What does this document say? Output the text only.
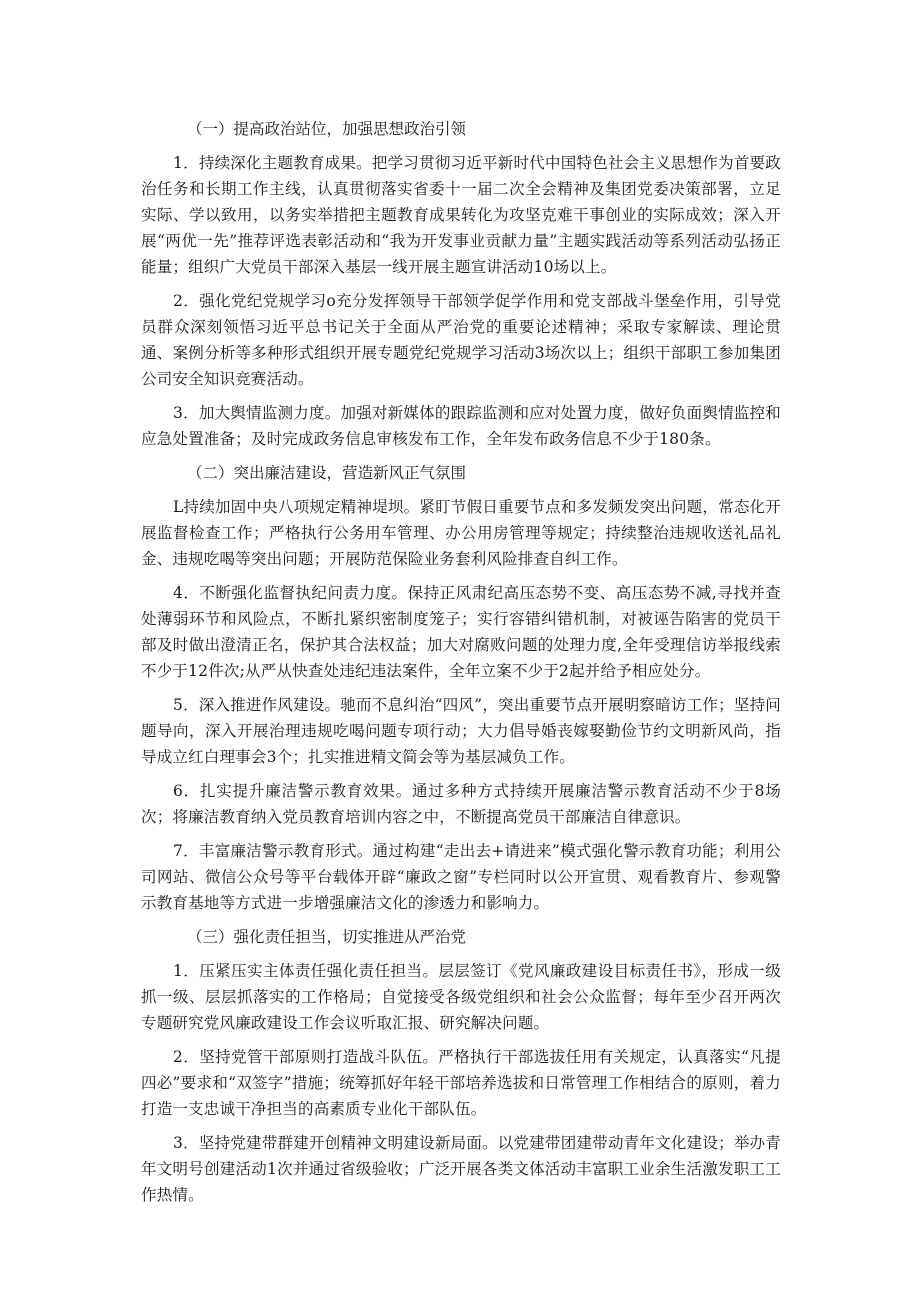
（一）提高政治站位，加强思想政治引领

1．持续深化主题教育成果。把学习贯彻习近平新时代中国特色社会主义思想作为首要政治任务和长期工作主线，认真贯彻落实省委十一届二次全会精神及集团党委决策部署，立足实际、学以致用，以务实举措把主题教育成果转化为攻坚克难干事创业的实际成效；深入开展“两优一先”推荐评选表彰活动和“我为开发事业贡献力量”主题实践活动等系列活动弘扬正能量；组织广大党员干部深入基层一线开展主题宣讲活动10场以上。

2．强化党纪党规学习o充分发挥领导干部领学促学作用和党支部战斗堡垒作用，引导党员群众深刻领悟习近平总书记关于全面从严治党的重要论述精神；采取专家解读、理论贯通、案例分析等多种形式组织开展专题党纪党规学习活动3场次以上；组织干部职工参加集团公司安全知识竞赛活动。

3．加大舆情监测力度。加强对新媒体的跟踪监测和应对处置力度，做好负面舆情监控和应急处置准备；及时完成政务信息审核发布工作，全年发布政务信息不少于180条。

（二）突出廉洁建设，营造新风正气氛围

L持续加固中央八项规定精神堤坝。紧盯节假日重要节点和多发频发突出问题，常态化开展监督检查工作；严格执行公务用车管理、办公用房管理等规定；持续整治违规收送礼品礼金、违规吃喝等突出问题；开展防范保险业务套利风险排查自纠工作。

4．不断强化监督执纪问责力度。保持正风肃纪高压态势不变、高压态势不减,寻找并查处薄弱环节和风险点，不断扎紧织密制度笼子；实行容错纠错机制，对被诬告陷害的党员干部及时做出澄清正名，保护其合法权益；加大对腐败问题的处理力度,全年受理信访举报线索不少于12件次;从严从快查处违纪违法案件，全年立案不少于2起并给予相应处分。

5．深入推进作风建设。驰而不息纠治“四风”，突出重要节点开展明察暗访工作；坚持问题导向，深入开展治理违规吃喝问题专项行动；大力倡导婚丧嫁娶勤俭节约文明新风尚，指导成立红白理事会3个；扎实推进精文简会等为基层减负工作。

6．扎实提升廉洁警示教育效果。通过多种方式持续开展廉洁警示教育活动不少于8场次；将廉洁教育纳入党员教育培训内容之中，不断提高党员干部廉洁自律意识。

7．丰富廉洁警示教育形式。通过构建“走出去+请进来”模式强化警示教育功能；利用公司网站、微信公众号等平台载体开辟“廉政之窗”专栏同时以公开宣贯、观看教育片、参观警示教育基地等方式进一步增强廉洁文化的渗透力和影响力。

（三）强化责任担当，切实推进从严治党

1．压紧压实主体责任强化责任担当。层层签订《党风廉政建设目标责任书》，形成一级抓一级、层层抓落实的工作格局；自觉接受各级党组织和社会公众监督；每年至少召开两次专题研究党风廉政建设工作会议听取汇报、研究解决问题。

2．坚持党管干部原则打造战斗队伍。严格执行干部选拔任用有关规定，认真落实“凡提四必”要求和“双签字”措施；统筹抓好年轻干部培养选拔和日常管理工作相结合的原则，着力打造一支忠诚干净担当的高素质专业化干部队伍。

3．坚持党建带群建开创精神文明建设新局面。以党建带团建带动青年文化建设；举办青年文明号创建活动1次并通过省级验收；广泛开展各类文体活动丰富职工业余生活激发职工工作热情。
